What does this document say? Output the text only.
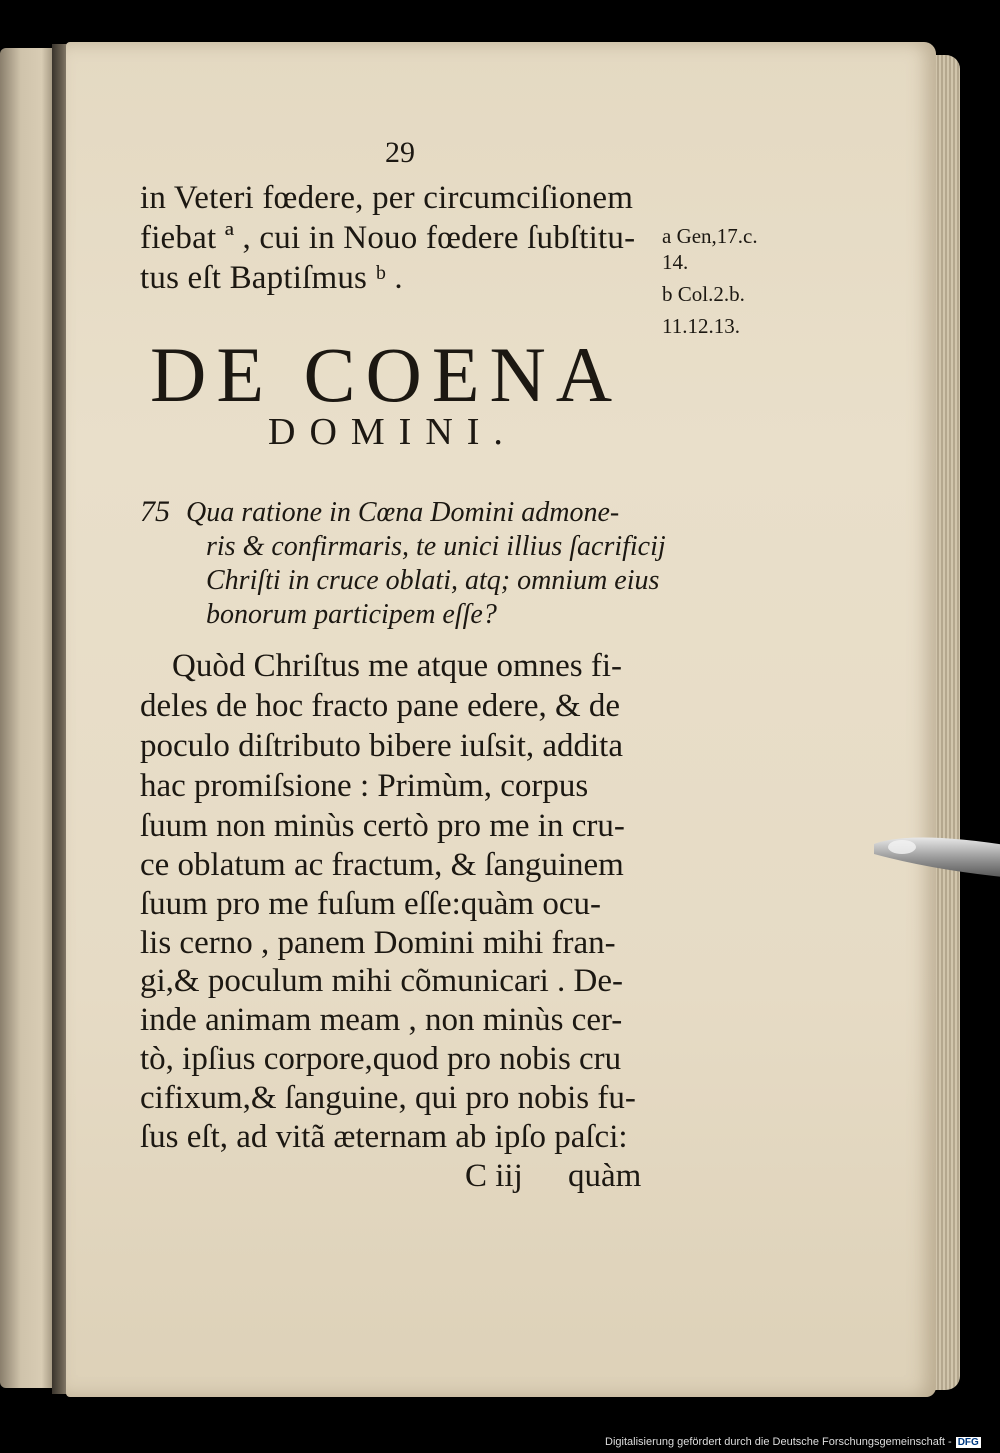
29
in Veteri fœdere, per circumciſionem
fiebat ª , cui in Nouo fœdere ſubſtitu-
tus eſt Baptiſmus ᵇ .
a Gen,17.c.
14.
b Col.2.b.
11.12.13.
DE COENA
DOMINI.
75 Qua ratione in Cœna Domini admone-
ris & confirmaris, te unici illius ſacrificij
Chriſti in cruce oblati, atq; omnium eius
bonorum participem eſſe?
Quòd Chriſtus me atque omnes fi-
deles de hoc fracto pane edere, & de
poculo diſtributo bibere iuſsit, addita
hac promiſsione : Primùm, corpus
ſuum non minùs certò pro me in cru-
ce oblatum ac fractum, & ſanguinem
ſuum pro me fuſum eſſe:quàm ocu-
lis cerno , panem Domini mihi fran-
gi,& poculum mihi cõmunicari . De-
inde animam meam , non minùs cer-
tò, ipſius corpore,quod pro nobis cru
cifixum,& ſanguine, qui pro nobis fu-
ſus eſt, ad vitã æternam ab ipſo paſci:
C iij quàm
Digitalisierung gefördert durch die Deutsche Forschungsgemeinschaft - DFG
